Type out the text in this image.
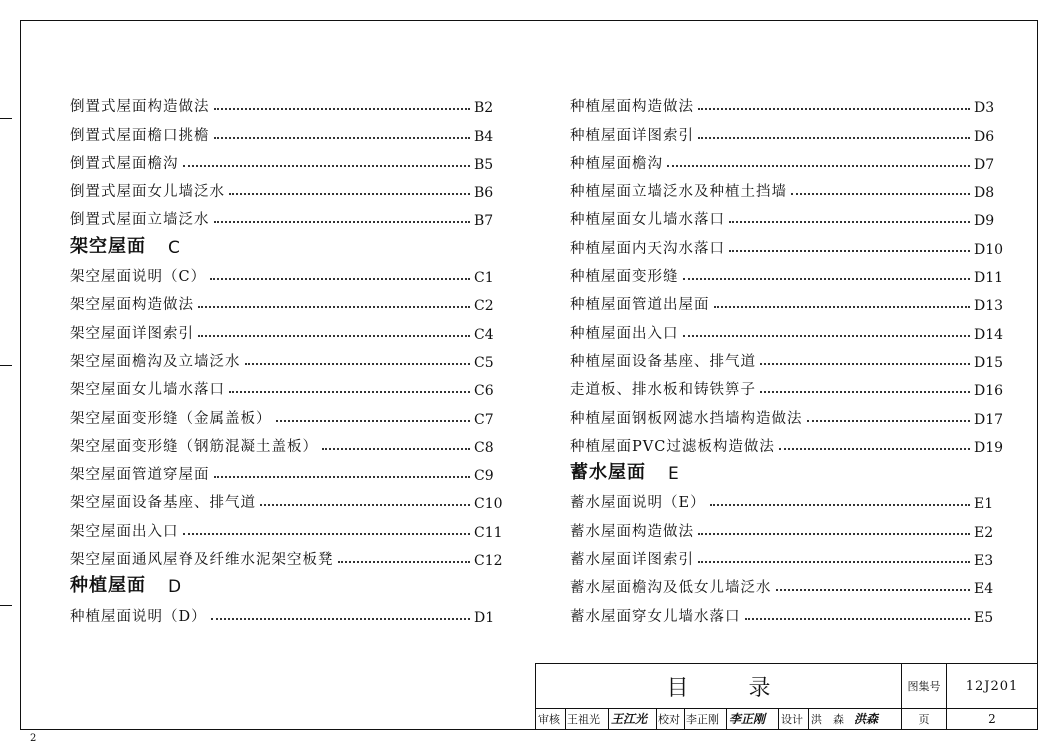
倒置式屋面构造做法	B2
倒置式屋面檐口挑檐	B4
倒置式屋面檐沟	B5
倒置式屋面女儿墙泛水	B6
倒置式屋面立墙泛水	B7
架空屋面 C
架空屋面说明（C）	C1
架空屋面构造做法	C2
架空屋面详图索引	C4
架空屋面檐沟及立墙泛水	C5
架空屋面女儿墙水落口	C6
架空屋面变形缝（金属盖板）	C7
架空屋面变形缝（钢筋混凝土盖板）	C8
架空屋面管道穿屋面	C9
架空屋面设备基座、排气道	C10
架空屋面出入口	C11
架空屋面通风屋脊及纤维水泥架空板凳	C12
种植屋面 D
种植屋面说明（D）	D1
种植屋面构造做法	D3
种植屋面详图索引	D6
种植屋面檐沟	D7
种植屋面立墙泛水及种植土挡墙	D8
种植屋面女儿墙水落口	D9
种植屋面内天沟水落口	D10
种植屋面变形缝	D11
种植屋面管道出屋面	D13
种植屋面出入口	D14
种植屋面设备基座、排气道	D15
走道板、排水板和铸铁箅子	D16
种植屋面钢板网滤水挡墙构造做法	D17
种植屋面PVC过滤板构造做法	D19
蓄水屋面 E
蓄水屋面说明（E）	E1
蓄水屋面构造做法	E2
蓄水屋面详图索引	E3
蓄水屋面檐沟及低女儿墙泛水	E4
蓄水屋面穿女儿墙水落口	E5
目录	图集号	12J201
审核 王祖光 王江光 校对 李正刚 李正刚 设计 洪　森 洪森	页	2
2
